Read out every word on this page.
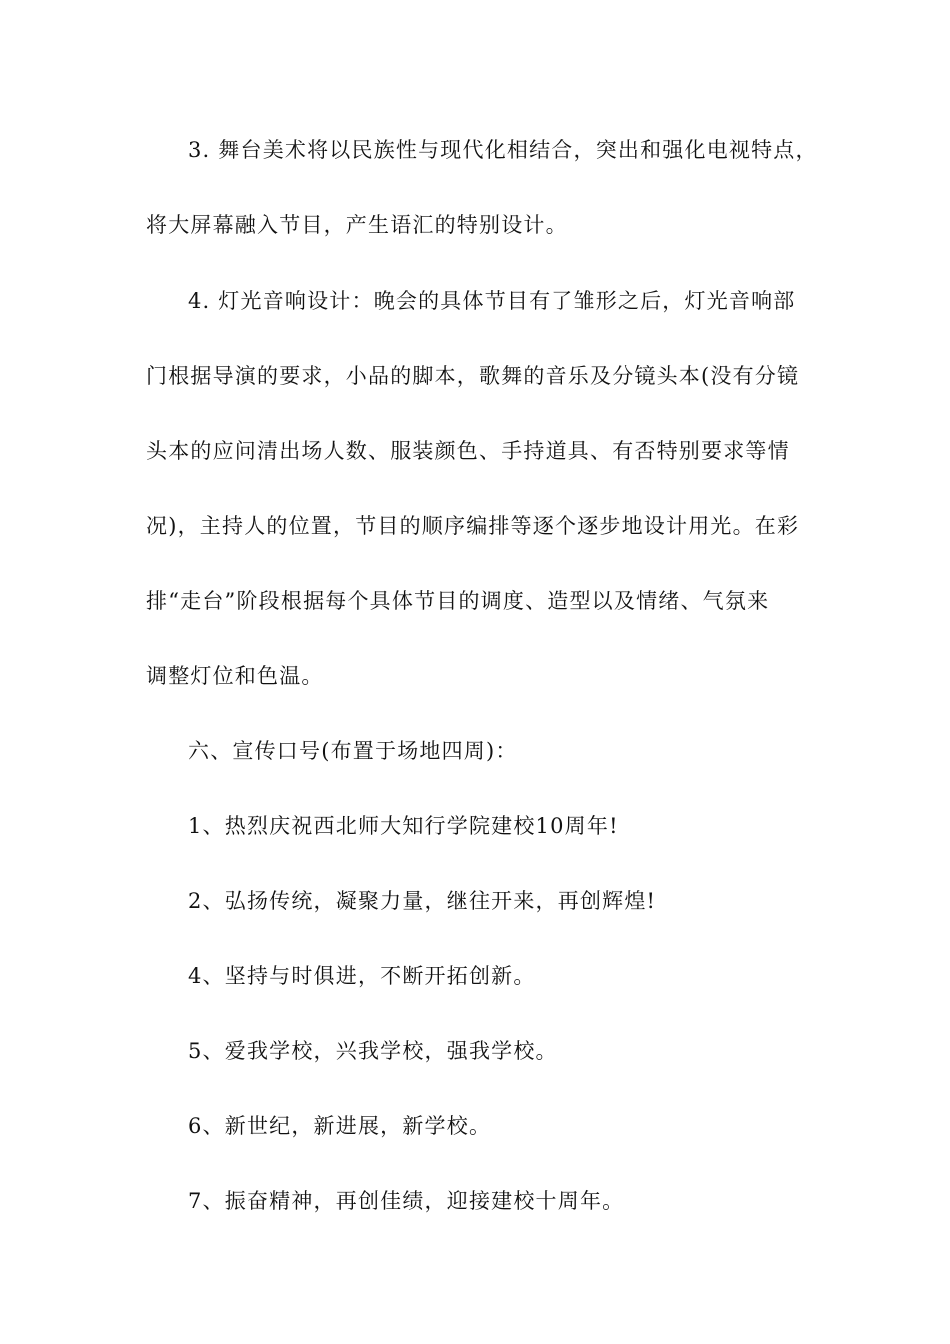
3. 舞台美术将以民族性与现代化相结合，突出和强化电视特点，
将大屏幕融入节目，产生语汇的特别设计。
4. 灯光音响设计：晚会的具体节目有了雏形之后，灯光音响部
门根据导演的要求，小品的脚本，歌舞的音乐及分镜头本(没有分镜
头本的应问清出场人数、服装颜色、手持道具、有否特别要求等情
况)，主持人的位置，节目的顺序编排等逐个逐步地设计用光。在彩
排“走台”阶段根据每个具体节目的调度、造型以及情绪、气氛来
调整灯位和色温。
六、宣传口号(布置于场地四周)：
1、热烈庆祝西北师大知行学院建校10周年!
2、弘扬传统，凝聚力量，继往开来，再创辉煌!
4、坚持与时俱进，不断开拓创新。
5、爱我学校，兴我学校，强我学校。
6、新世纪，新进展，新学校。
7、振奋精神，再创佳绩，迎接建校十周年。
